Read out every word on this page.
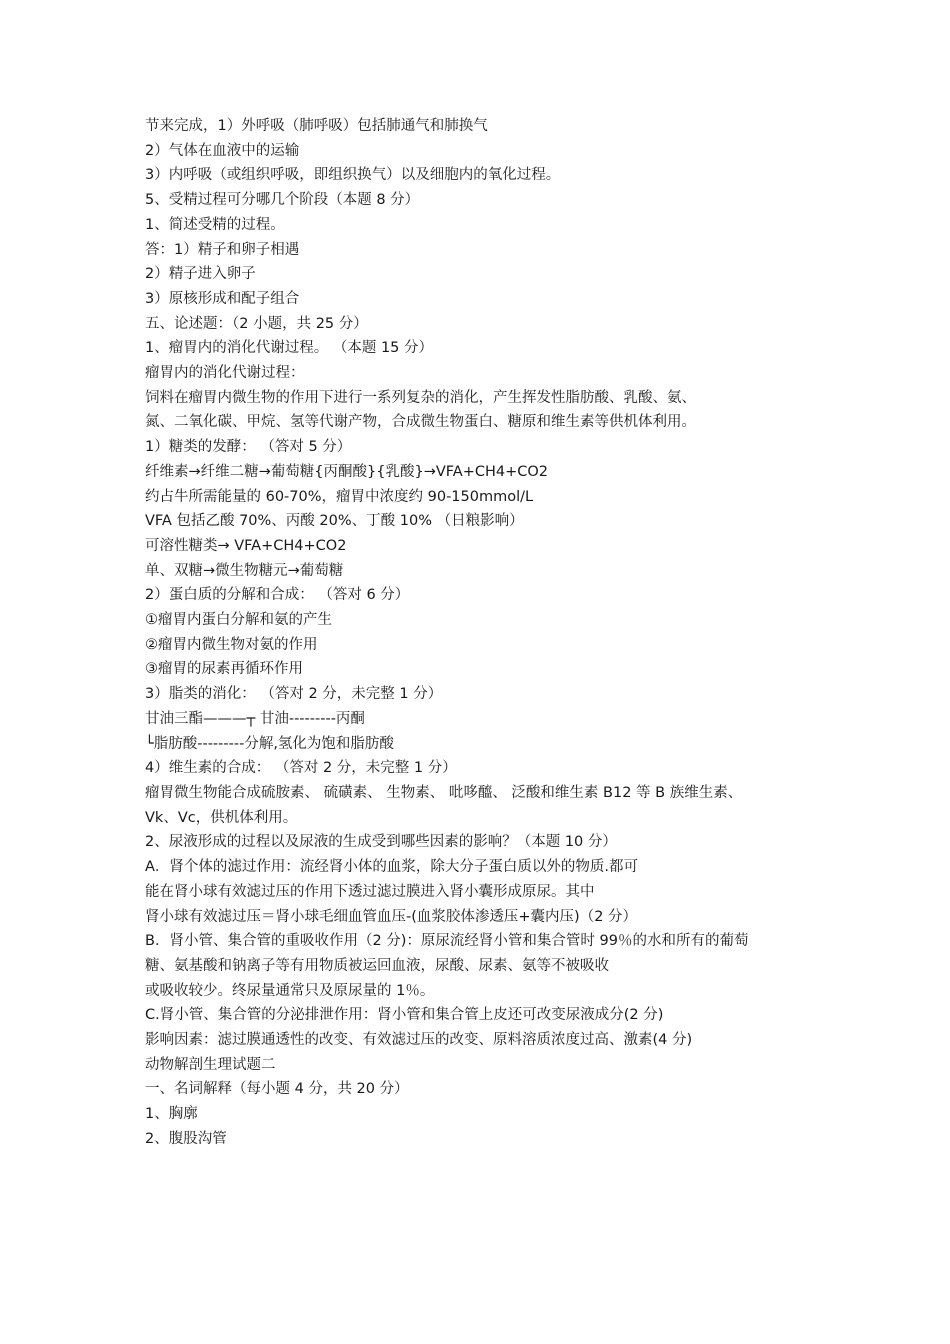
节来完成，1）外呼吸（肺呼吸）包括肺通气和肺换气

2）气体在血液中的运输

3）内呼吸（或组织呼吸，即组织换气）以及细胞内的氧化过程。

5、受精过程可分哪几个阶段（本题 8 分）

1、简述受精的过程。

答：1）精子和卵子相遇

2）精子进入卵子

3）原核形成和配子组合

五、论述题：（2 小题，共 25 分）

1、瘤胃内的消化代谢过程。 （本题 15 分）

瘤胃内的消化代谢过程：

饲料在瘤胃内微生物的作用下进行一系列复杂的消化，产生挥发性脂肪酸、乳酸、氨、

氮、二氧化碳、甲烷、氢等代谢产物，合成微生物蛋白、糖原和维生素等供机体利用。

1）糖类的发酵： （答对 5 分）

纤维素→纤维二糖→葡萄糖{丙酮酸}{乳酸}→VFA+CH4+CO2

约占牛所需能量的 60-70%，瘤胃中浓度约 90-150mmol/L

VFA 包括乙酸 70%、丙酸 20%、丁酸 10% （日粮影响）

可溶性糖类→ VFA+CH4+CO2

单、双糖→微生物糖元→葡萄糖

2）蛋白质的分解和合成： （答对 6 分）

①瘤胃内蛋白分解和氨的产生

②瘤胃内微生物对氨的作用

③瘤胃的尿素再循环作用

3）脂类的消化： （答对 2 分，未完整 1 分）

甘油三酯———┬ 甘油---------丙酮

└脂肪酸---------分解,氢化为饱和脂肪酸

4）维生素的合成： （答对 2 分，未完整 1 分）

瘤胃微生物能合成硫胺素、 硫磺素、 生物素、 吡哆醯、 泛酸和维生素 B12 等 B 族维生素、

Vk、Vc，供机体利用。

2、尿液形成的过程以及尿液的生成受到哪些因素的影响？（本题 10 分）

A．肾个体的滤过作用：流经肾小体的血浆，除大分子蛋白质以外的物质.都可

能在肾小球有效滤过压的作用下透过滤过膜进入肾小囊形成原尿。其中

肾小球有效滤过压＝肾小球毛细血管血压-(血浆胶体渗透压+囊内压)（2 分）

B．肾小管、集合管的重吸收作用（2 分)：原尿流经肾小管和集合管时 99％的水和所有的葡萄

糖、氨基酸和钠离子等有用物质被运回血液，尿酸、尿素、氨等不被吸收

或吸收较少。终尿量通常只及原尿量的 1％。

C.肾小管、集合管的分泌排泄作用：肾小管和集合管上皮还可改变尿液成分(2 分)

影响因素：滤过膜通透性的改变、有效滤过压的改变、原料溶质浓度过高、激素(4 分)

动物解剖生理试题二

一、名词解释（每小题 4 分，共 20 分）

1、胸廓

2、腹股沟管
